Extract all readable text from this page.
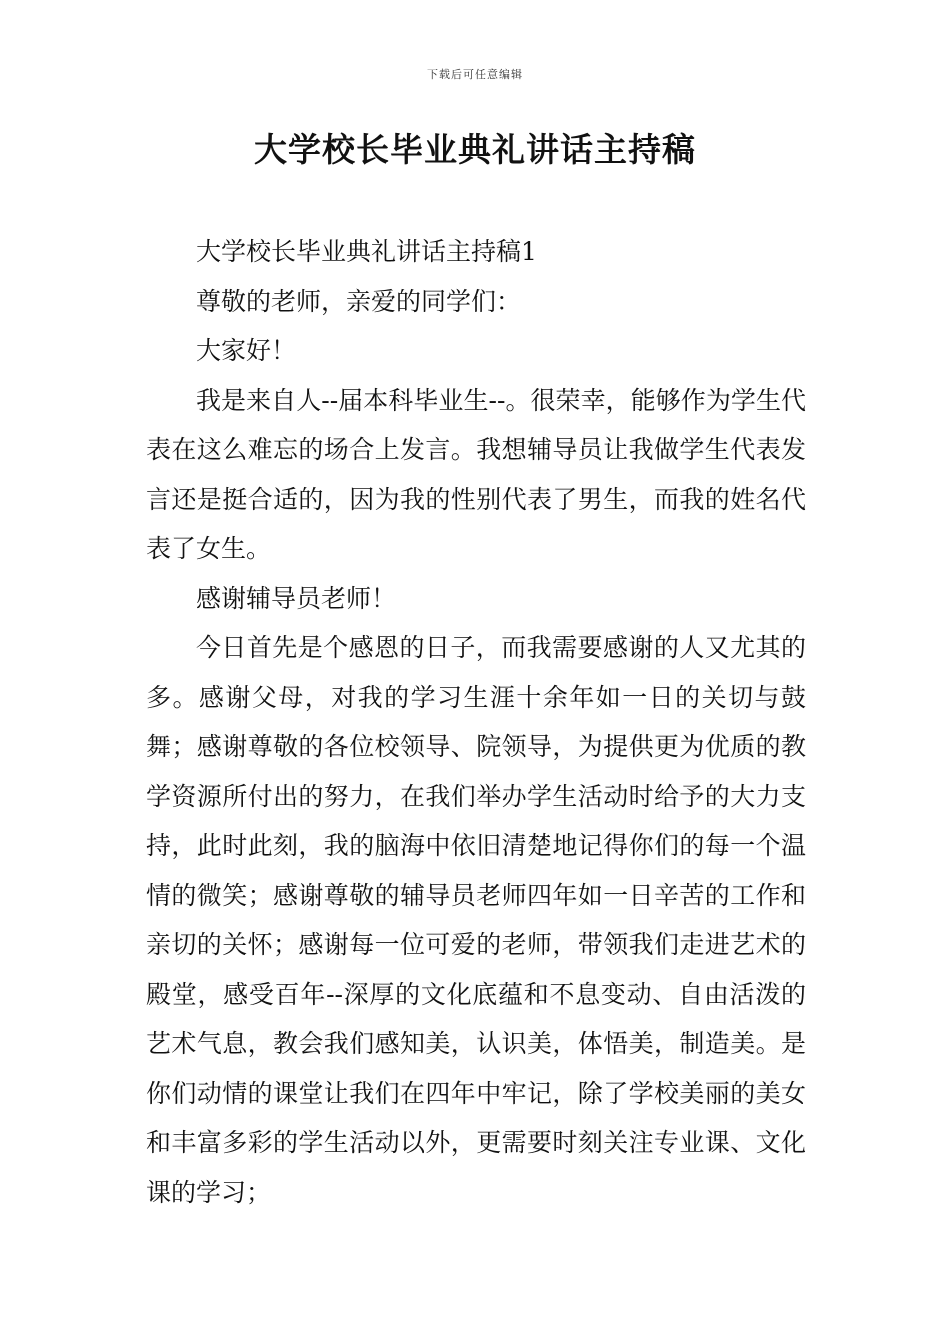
下载后可任意编辑
大学校长毕业典礼讲话主持稿

大学校长毕业典礼讲话主持稿1

尊敬的老师，亲爱的同学们：

大家好！

我是来自人--届本科毕业生--。很荣幸，能够作为学生代表在这么难忘的场合上发言。我想辅导员让我做学生代表发言还是挺合适的，因为我的性别代表了男生，而我的姓名代表了女生。

感谢辅导员老师！

今日首先是个感恩的日子，而我需要感谢的人又尤其的多。感谢父母，对我的学习生涯十余年如一日的关切与鼓舞；感谢尊敬的各位校领导、院领导，为提供更为优质的教学资源所付出的努力，在我们举办学生活动时给予的大力支持，此时此刻，我的脑海中依旧清楚地记得你们的每一个温情的微笑；感谢尊敬的辅导员老师四年如一日辛苦的工作和亲切的关怀；感谢每一位可爱的老师，带领我们走进艺术的殿堂，感受百年--深厚的文化底蕴和不息变动、自由活泼的艺术气息，教会我们感知美，认识美，体悟美，制造美。是你们动情的课堂让我们在四年中牢记，除了学校美丽的美女和丰富多彩的学生活动以外，更需要时刻关注专业课、文化课的学习；
